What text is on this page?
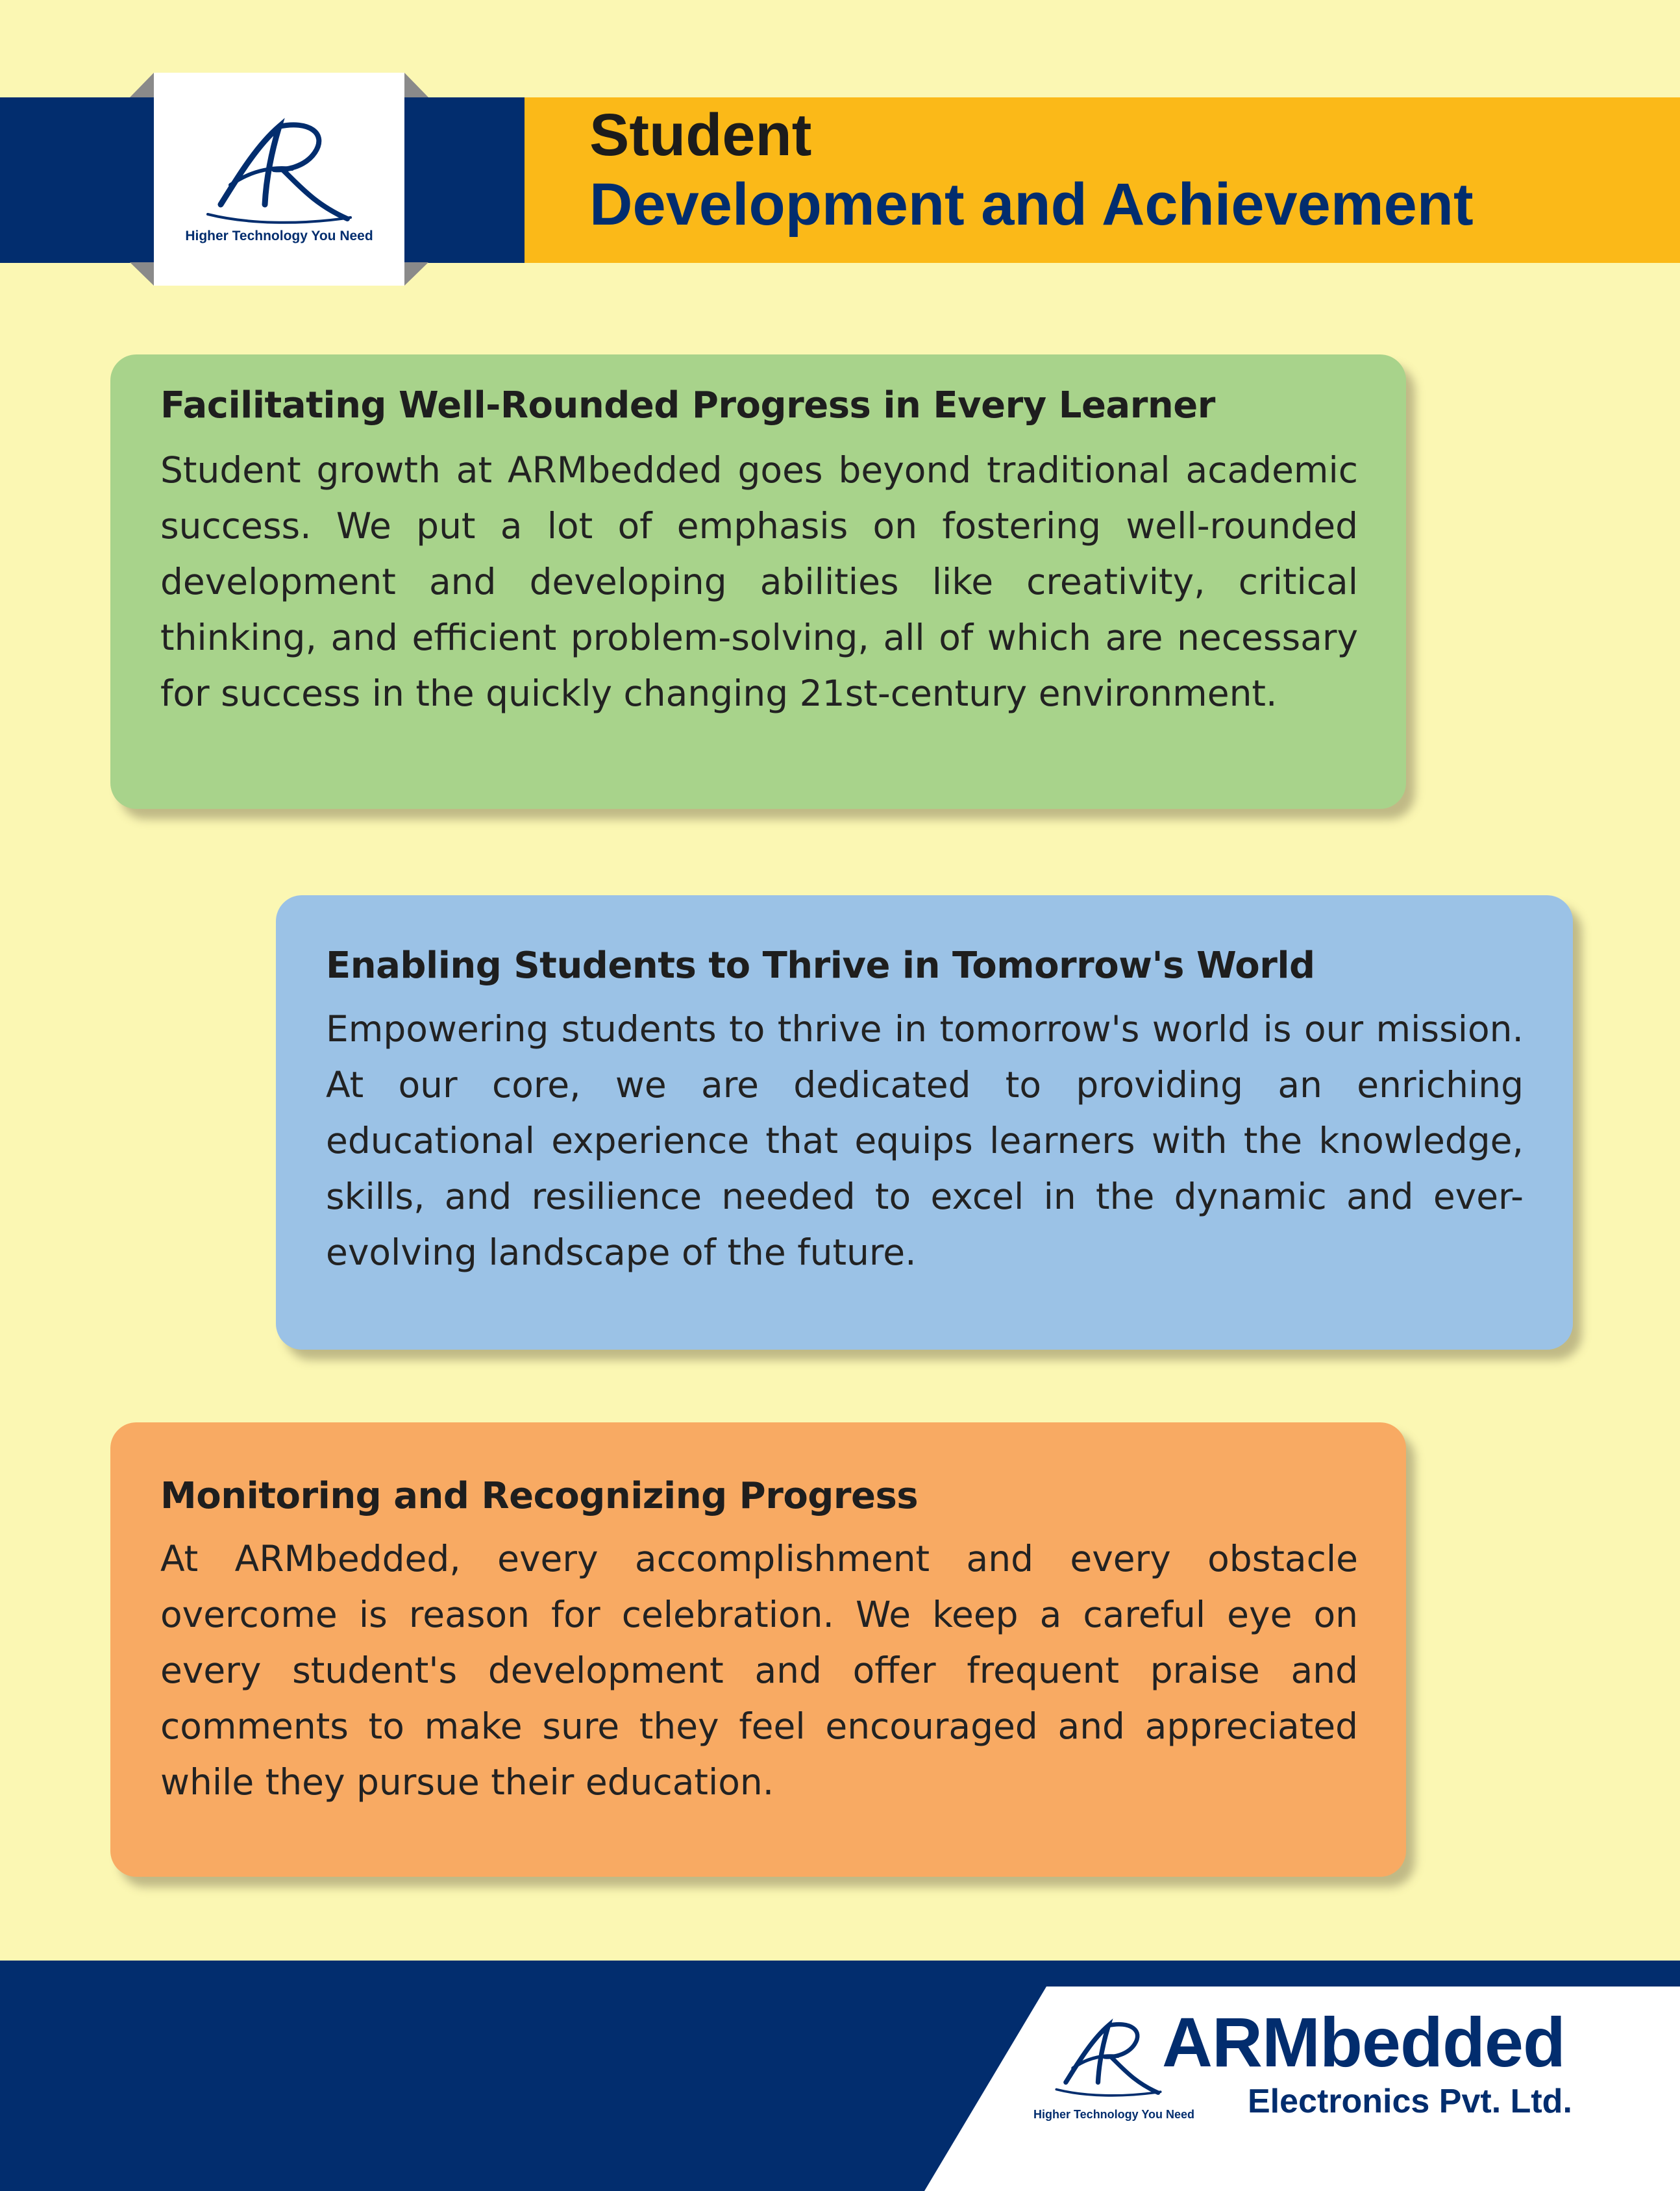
Higher Technology You Need
Student
Development and Achievement
Facilitating Well-Rounded Progress in Every Learner
Student growth at ARMbedded goes beyond traditional academic success. We put a lot of emphasis on fostering well-rounded development and developing abilities like creativity, critical thinking, and efficient problem-solving, all of which are necessary for success in the quickly changing 21st-century environment.
Enabling Students to Thrive in Tomorrow's World
Empowering students to thrive in tomorrow's world is our mission. At our core, we are dedicated to providing an enriching educational experience that equips learners with the knowledge, skills, and resilience needed to excel in the dynamic and ever-evolving landscape of the future.
Monitoring and Recognizing Progress
At ARMbedded, every accomplishment and every obstacle overcome is reason for celebration. We keep a careful eye on every student's development and offer frequent praise and comments to make sure they feel encouraged and appreciated while they pursue their education.
ARMbedded
Electronics Pvt. Ltd.
Higher Technology You Need
